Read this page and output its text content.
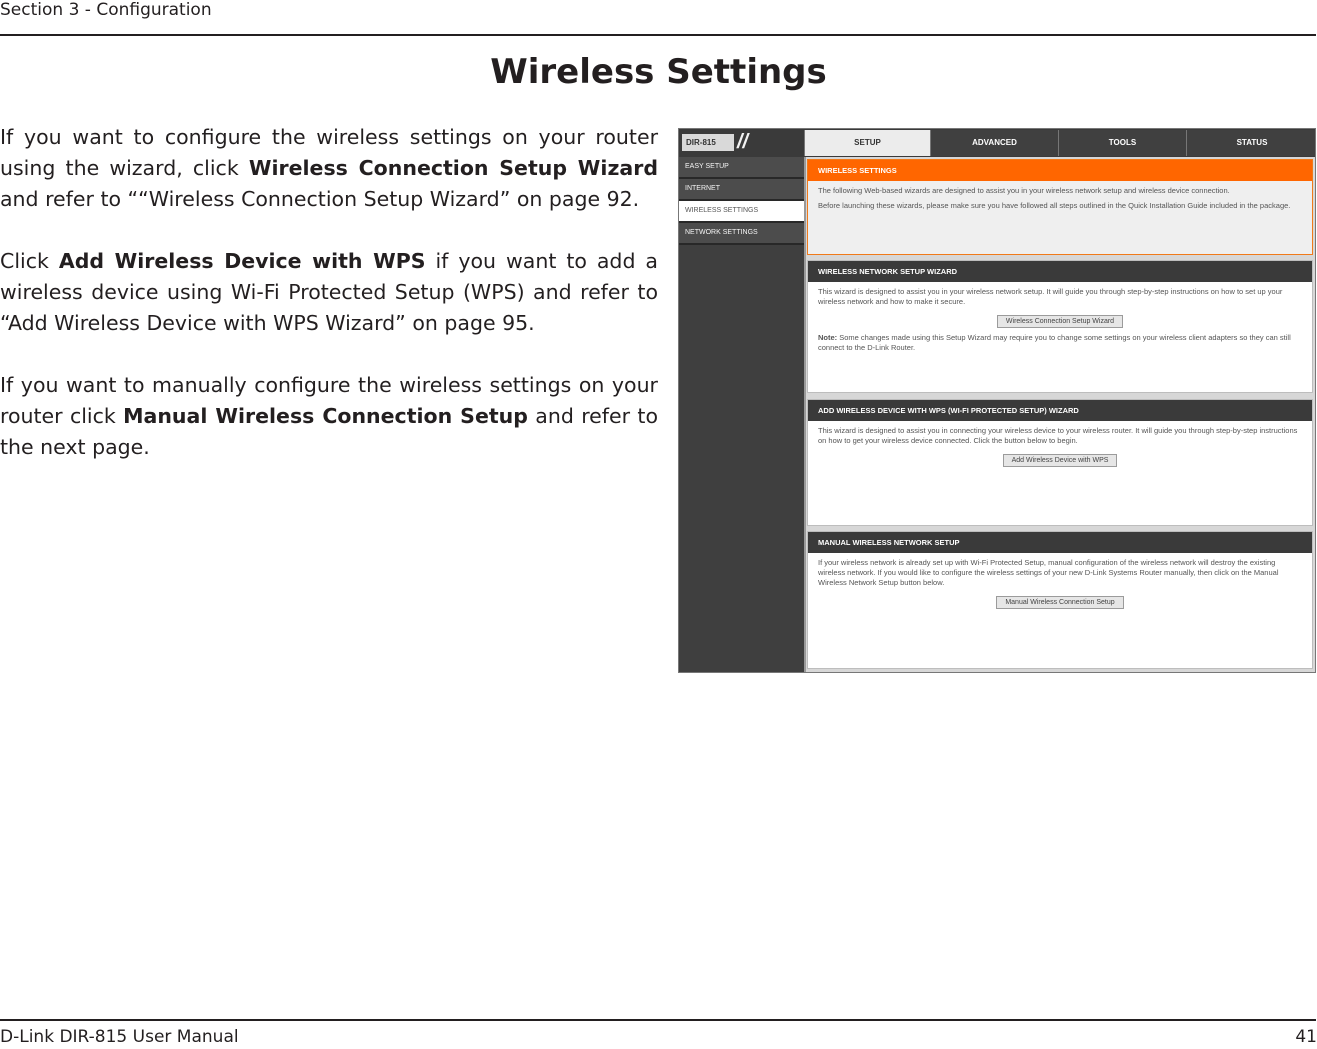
Section 3 - Configuration
Wireless Settings

If you want to configure the wireless settings on your router using the wizard, click Wireless Connection Setup Wizard and refer to ““Wireless Connection Setup Wizard” on page 92.

Click Add Wireless Device with WPS if you want to add a wireless device using Wi-Fi Protected Setup (WPS) and refer to “Add Wireless Device with WPS Wizard” on page 95.

If you want to manually configure the wireless settings on your router click Manual Wireless Connection Setup and refer to the next page.

DIR-815	//	SETUP	ADVANCED	TOOLS	STATUS
EASY SETUP
INTERNET
WIRELESS SETTINGS
NETWORK SETTINGS
WIRELESS SETTINGS
The following Web-based wizards are designed to assist you in your wireless network setup and wireless device connection.
Before launching these wizards, please make sure you have followed all steps outlined in the Quick Installation Guide included in the package.
WIRELESS NETWORK SETUP WIZARD
This wizard is designed to assist you in your wireless network setup. It will guide you through step-by-step instructions on how to set up your wireless network and how to make it secure.
Wireless Connection Setup Wizard
Note: Some changes made using this Setup Wizard may require you to change some settings on your wireless client adapters so they can still connect to the D-Link Router.
ADD WIRELESS DEVICE WITH WPS (WI-FI PROTECTED SETUP) WIZARD
This wizard is designed to assist you in connecting your wireless device to your wireless router. It will guide you through step-by-step instructions on how to get your wireless device connected. Click the button below to begin.
Add Wireless Device with WPS
MANUAL WIRELESS NETWORK SETUP
If your wireless network is already set up with Wi-Fi Protected Setup, manual configuration of the wireless network will destroy the existing wireless network. If you would like to configure the wireless settings of your new D-Link Systems Router manually, then click on the Manual Wireless Network Setup button below.
Manual Wireless Connection Setup
D-Link DIR-815 User Manual	41
